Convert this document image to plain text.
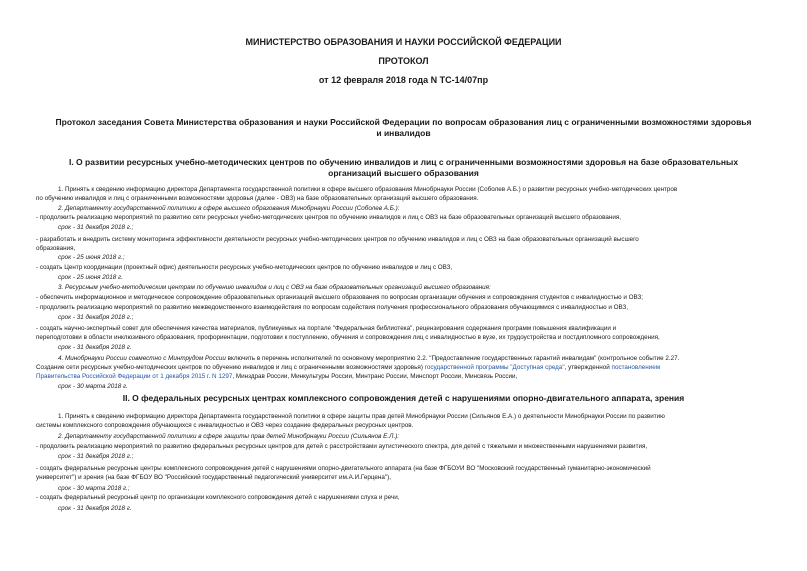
МИНИСТЕРСТВО ОБРАЗОВАНИЯ И НАУКИ РОССИЙСКОЙ ФЕДЕРАЦИИ
ПРОТОКОЛ
от 12 февраля 2018 года N ТС-14/07пр
Протокол заседания Совета Министерства образования и науки Российской Федерации по вопросам образования лиц с ограниченными возможностями здоровья
и инвалидов
I. О развитии ресурсных учебно-методических центров по обучению инвалидов и лиц с ограниченными возможностями здоровья на базе образовательных
организаций высшего образования
1. Принять к сведению информацию директора Департамента государственной политики в сфере высшего образования Минобрнауки России (Соболев А.Б.) о развитии ресурсных учебно-методических центров
по обучению инвалидов и лиц с ограниченными возможностями здоровья (далее - ОВЗ) на базе образовательных организаций высшего образования.
2. Департаменту государственной политики в сфере высшего образования Минобрнауки России (Соболев А.Б.):
- продолжить реализацию мероприятий по развитию сети ресурсных учебно-методических центров по обучению инвалидов и лиц с ОВЗ на базе образовательных организаций высшего образования,
срок - 31 декабря 2018 г.;
- разработать и внедрить систему мониторинга эффективности деятельности ресурсных учебно-методических центров по обучению инвалидов и лиц с ОВЗ на базе образовательных организаций высшего
образования,
срок - 25 июня 2018 г.;
- создать Центр координации (проектный офис) деятельности ресурсных учебно-методических центров по обучению инвалидов и лиц с ОВЗ,
срок - 25 июня 2018 г.
3. Ресурсным учебно-методическим центрам по обучению инвалидов и лиц с ОВЗ на базе образовательных организаций высшего образования:
- обеспечить информационное и методическое сопровождение образовательных организаций высшего образования по вопросам организации обучения и сопровождения студентов с инвалидностью и ОВЗ;
- продолжить реализацию мероприятий по развитию межведомственного взаимодействия по вопросам содействия получения профессионального образования обучающимися с инвалидностью и ОВЗ,
срок - 31 декабря 2018 г.;
- создать научно-экспертный совет для обеспечения качества материалов, публикуемых на портале "Федеральная библиотека", рецензирования содержания программ повышения квалификации и
переподготовки в области инклюзивного образования, профориентации, подготовки к поступлению, обучения и сопровождения лиц с инвалидностью в вузе, их трудоустройства и постдипломного сопровождения,
срок - 31 декабря 2018 г.
4. Минобрнауки России совместно с Минтрудом России включить в перечень исполнителей по основному мероприятию 2.2. "Предоставление государственных гарантий инвалидам" (контрольное событие 2.27.
Создание сети ресурсных учебно-методических центров по обучению инвалидов и лиц с ограниченными возможностями здоровья) государственной программы "Доступная среда", утвержденной постановлением
Правительства Российской Федерации от 1 декабря 2015 г. N 1297, Минздрав России, Минкультуры России, Минтранс России, Минспорт России, Минсвязь России,
срок - 30 марта 2018 г.
II. О федеральных ресурсных центрах комплексного сопровождения детей с нарушениями опорно-двигательного аппарата, зрения
1. Принять к сведению информацию директора Департамента государственной политики в сфере защиты прав детей Минобрнауки России (Сильянов Е.А.) о деятельности Минобрнауки России по развитию
системы комплексного сопровождения обучающихся с инвалидностью и ОВЗ через создание федеральных ресурсных центров.
2. Департаменту государственной политики в сфере защиты прав детей Минобрнауки России (Сильянов Е.Л.):
- продолжить реализацию мероприятий по развитию федеральных ресурсных центров для детей с расстройствами аутистического спектра, для детей с тяжелыми и множественными нарушениями развития,
срок - 31 декабря 2018 г.;
- создать федеральные ресурсные центры комплексного сопровождения детей с нарушениями опорно-двигательного аппарата (на базе ФГБОУИ ВО "Московский государственный гуманитарно-экономический
университет") и зрения (на базе ФГБОУ ВО "Российский государственный педагогический университет им.А.И.Герцена"),
срок - 30 марта 2018 г.;
- создать федеральный ресурсный центр по организации комплексного сопровождения детей с нарушениями слуха и речи,
срок - 31 декабря 2018 г.
